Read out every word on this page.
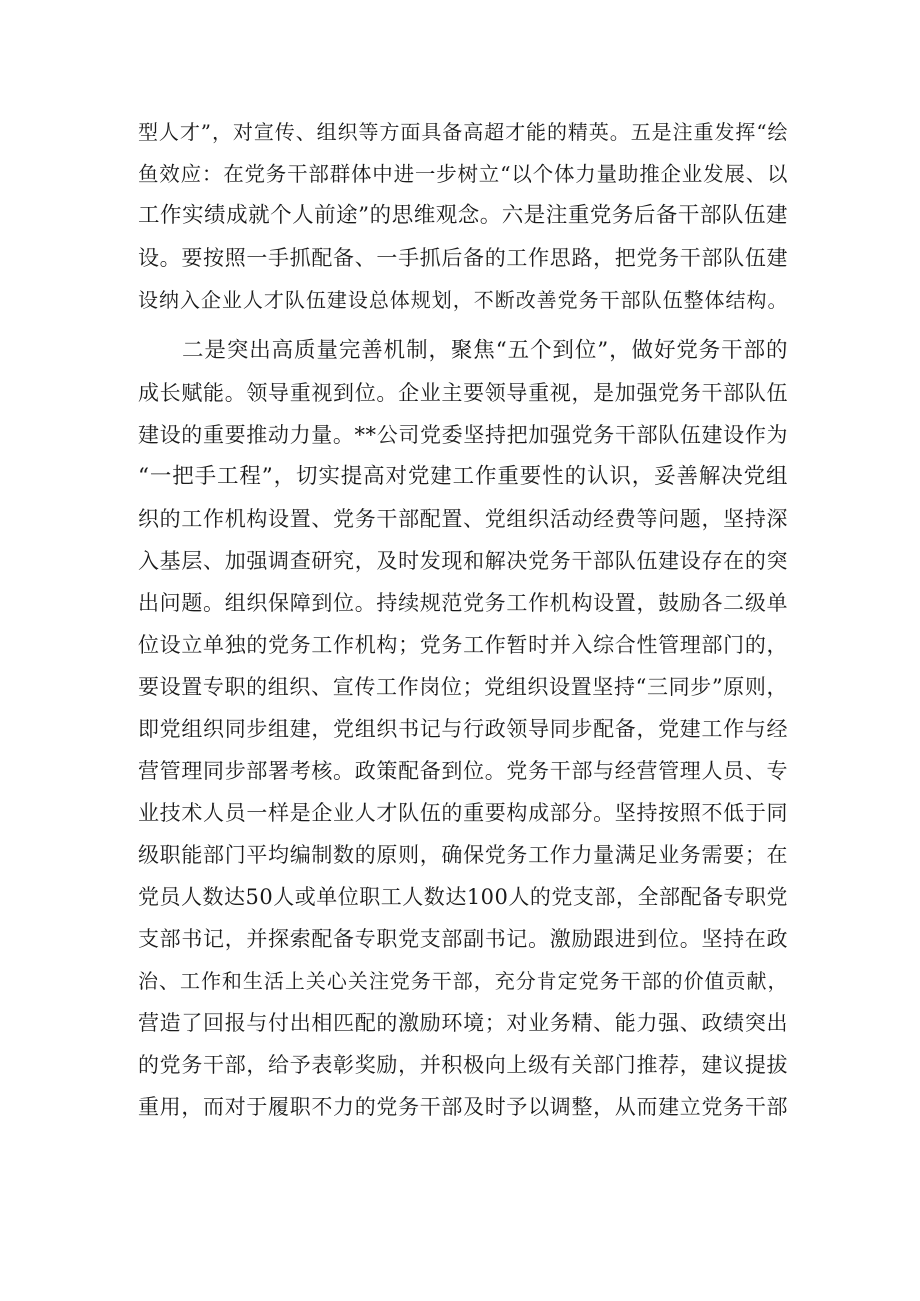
型人才”，对宣传、组织等方面具备高超才能的精英。五是注重发挥“绘
鱼效应：在党务干部群体中进一步树立“以个体力量助推企业发展、以
工作实绩成就个人前途”的思维观念。六是注重党务后备干部队伍建
设。要按照一手抓配备、一手抓后备的工作思路，把党务干部队伍建
设纳入企业人才队伍建设总体规划，不断改善党务干部队伍整体结构。
二是突出高质量完善机制，聚焦“五个到位”，做好党务干部的
成长赋能。领导重视到位。企业主要领导重视，是加强党务干部队伍
建设的重要推动力量。**公司党委坚持把加强党务干部队伍建设作为
“一把手工程”，切实提高对党建工作重要性的认识，妥善解决党组
织的工作机构设置、党务干部配置、党组织活动经费等问题，坚持深
入基层、加强调查研究，及时发现和解决党务干部队伍建设存在的突
出问题。组织保障到位。持续规范党务工作机构设置，鼓励各二级单
位设立单独的党务工作机构；党务工作暂时并入综合性管理部门的，
要设置专职的组织、宣传工作岗位；党组织设置坚持“三同步”原则，
即党组织同步组建，党组织书记与行政领导同步配备，党建工作与经
营管理同步部署考核。政策配备到位。党务干部与经营管理人员、专
业技术人员一样是企业人才队伍的重要构成部分。坚持按照不低于同
级职能部门平均编制数的原则，确保党务工作力量满足业务需要；在
党员人数达50人或单位职工人数达100人的党支部，全部配备专职党
支部书记，并探索配备专职党支部副书记。激励跟进到位。坚持在政
治、工作和生活上关心关注党务干部，充分肯定党务干部的价值贡献，
营造了回报与付出相匹配的激励环境；对业务精、能力强、政绩突出
的党务干部，给予表彰奖励，并积极向上级有关部门推荐，建议提拔
重用，而对于履职不力的党务干部及时予以调整，从而建立党务干部
